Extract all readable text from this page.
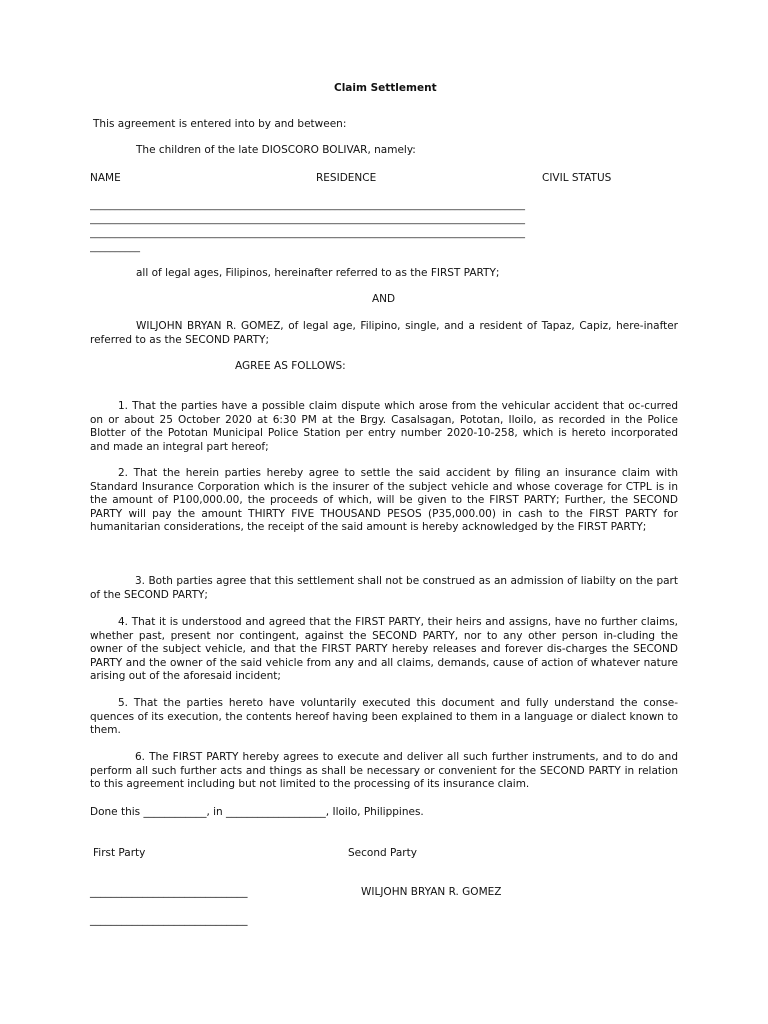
Claim Settlement
This agreement is entered into by and between:
The children of the late DIOSCORO BOLIVAR, namely:
NAME	RESIDENCE	CIVIL STATUS
_______________________________________________________________________________________
_______________________________________________________________________________________
_______________________________________________________________________________________
__________
all of legal ages, Filipinos, hereinafter referred to as the FIRST PARTY;
AND
WILJOHN BRYAN R. GOMEZ, of legal age, Filipino, single, and a resident of Tapaz, Capiz, here-inafter referred to as the SECOND PARTY;
AGREE AS FOLLOWS:
1. That the parties have a possible claim dispute which arose from the vehicular accident that oc-curred on or about 25 October 2020 at 6:30 PM at the Brgy. Casalsagan, Pototan, Iloilo, as recorded in the Police Blotter of the Pototan Municipal Police Station per entry number 2020-10-258, which is hereto incorporated and made an integral part hereof;
2. That the herein parties hereby agree to settle the said accident by filing an insurance claim with Standard Insurance Corporation which is the insurer of the subject vehicle and whose coverage for CTPL is in the amount of P100,000.00, the proceeds of which, will be given to the FIRST PARTY; Further, the SECOND PARTY will pay the amount THIRTY FIVE THOUSAND PESOS (P35,000.00) in cash to the FIRST PARTY for humanitarian considerations, the receipt of the said amount is hereby acknowledged by the FIRST PARTY;
3. Both parties agree that this settlement shall not be construed as an admission of liabilty on the part of the SECOND PARTY;
4. That it is understood and agreed that the FIRST PARTY, their heirs and assigns, have no further claims, whether past, present nor contingent, against the SECOND PARTY, nor to any other person in-cluding the owner of the subject vehicle, and that the FIRST PARTY hereby releases and forever dis-charges the SECOND PARTY and the owner of the said vehicle from any and all claims, demands, cause of action of whatever nature arising out of the aforesaid incident;
5. That the parties hereto have voluntarily executed this document and fully understand the conse-quences of its execution, the contents hereof having been explained to them in a language or dialect known to them.
6. The FIRST PARTY hereby agrees to execute and deliver all such further instruments, and to do and perform all such further acts and things as shall be necessary or convenient for the SECOND PARTY in relation to this agreement including but not limited to the processing of its insurance claim.
Done this ____________, in ___________________, Iloilo, Philippines.
First Party	Second Party
______________________________	WILJOHN BRYAN R. GOMEZ
______________________________
